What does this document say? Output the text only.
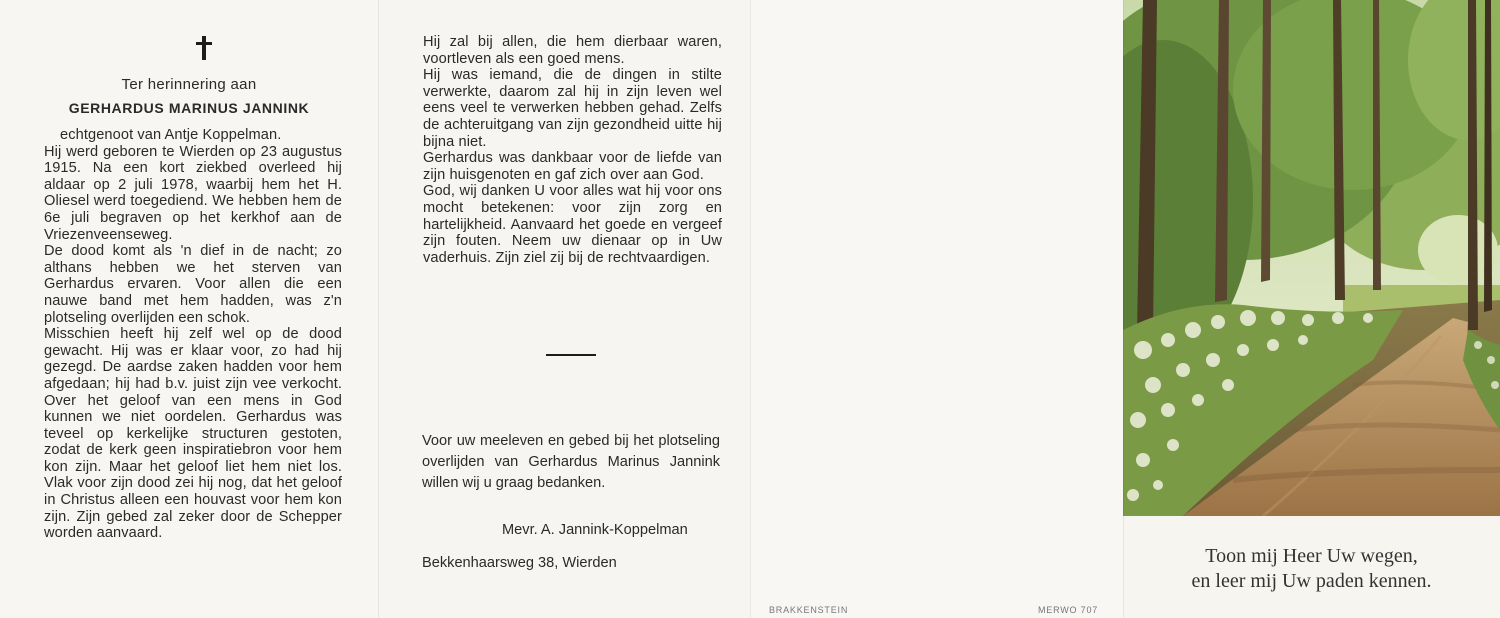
Ter herinnering aan
GERHARDUS MARINUS JANNINK

echtgenoot van Antje Koppelman.

Hij werd geboren te Wierden op 23 augustus 1915. Na een kort ziekbed overleed hij aldaar op 2 juli 1978, waarbij hem het H. Oliesel werd toegediend. We hebben hem de 6e juli begraven op het kerkhof aan de Vriezenveenseweg.

De dood komt als 'n dief in de nacht; zo althans hebben we het sterven van Gerhardus ervaren. Voor allen die een nauwe band met hem hadden, was z'n plotseling overlijden een schok.

Misschien heeft hij zelf wel op de dood gewacht. Hij was er klaar voor, zo had hij gezegd. De aardse zaken hadden voor hem afgedaan; hij had b.v. juist zijn vee verkocht. Over het geloof van een mens in God kunnen we niet oordelen. Gerhardus was teveel op kerkelijke structuren gestoten, zodat de kerk geen inspiratiebron voor hem kon zijn. Maar het geloof liet hem niet los. Vlak voor zijn dood zei hij nog, dat het geloof in Christus alleen een houvast voor hem kon zijn. Zijn gebed zal zeker door de Schepper worden aanvaard.

Hij zal bij allen, die hem dierbaar waren, voortleven als een goed mens.

Hij was iemand, die de dingen in stilte verwerkte, daarom zal hij in zijn leven wel eens veel te verwerken hebben gehad. Zelfs de achteruitgang van zijn gezondheid uitte hij bijna niet.

Gerhardus was dankbaar voor de liefde van zijn huisgenoten en gaf zich over aan God.

God, wij danken U voor alles wat hij voor ons mocht betekenen: voor zijn zorg en hartelijkheid. Aanvaard het goede en vergeef zijn fouten. Neem uw dienaar op in Uw vaderhuis. Zijn ziel zij bij de rechtvaardigen.

Voor uw meeleven en gebed bij het plotseling overlijden van Gerhardus Marinus Jannink willen wij u graag bedanken.
Mevr. A. Jannink-Koppelman
Bekkenhaarsweg 38, Wierden
BRAKKENSTEIN	MERWO 707
Toon mij Heer Uw wegen,
en leer mij Uw paden kennen.
